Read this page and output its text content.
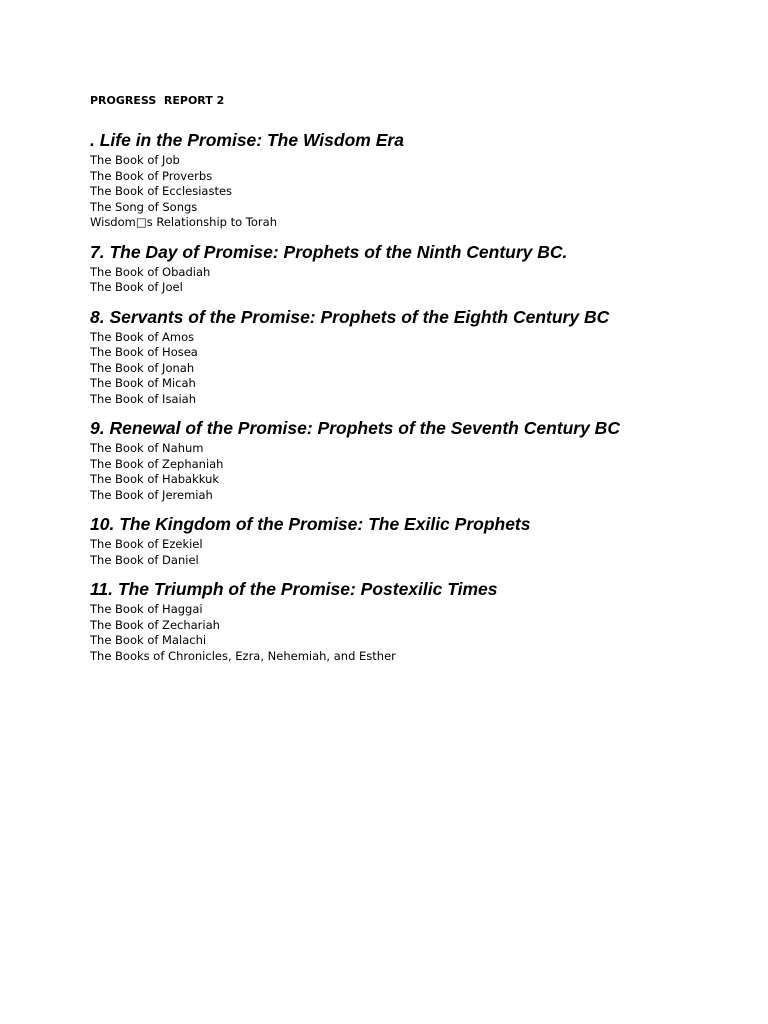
PROGRESS  REPORT 2
. Life in the Promise: The Wisdom Era
The Book of Job
The Book of Proverbs
The Book of Ecclesiastes
The Song of Songs
Wisdom□s Relationship to Torah
7. The Day of Promise: Prophets of the Ninth Century BC.
The Book of Obadiah
The Book of Joel
8. Servants of the Promise: Prophets of the Eighth Century BC
The Book of Amos
The Book of Hosea
The Book of Jonah
The Book of Micah
The Book of Isaiah
9. Renewal of the Promise: Prophets of the Seventh Century BC
The Book of Nahum
The Book of Zephaniah
The Book of Habakkuk
The Book of Jeremiah
10. The Kingdom of the Promise: The Exilic Prophets
The Book of Ezekiel
The Book of Daniel
11. The Triumph of the Promise: Postexilic Times
The Book of Haggai
The Book of Zechariah
The Book of Malachi
The Books of Chronicles, Ezra, Nehemiah, and Esther
